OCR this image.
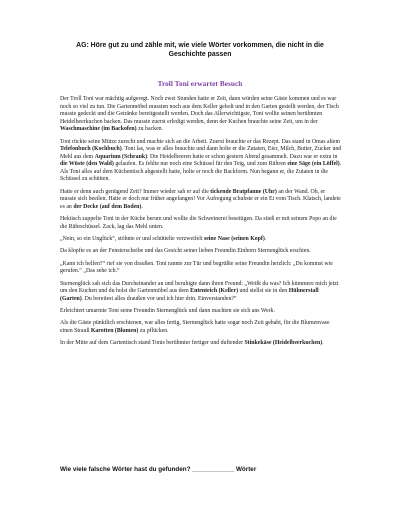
AG: Höre gut zu und zähle mit, wie viele Wörter vorkommen, die nicht in die
Geschichte passen
Troll Toni erwartet Besuch

Der Troll Toni war mächtig aufgeregt. Noch zwei Stunden hatte er Zeit, dann würden seine Gäste kommen und es war noch so viel zu tun. Die Gartenmöbel mussten noch aus dem Keller geholt und in den Garten gestellt werden, der Tisch musste gedeckt und die Getränke bereitgestellt werden. Doch das Allerwichtigste, Toni wollte seinen berühmten Heidelbeerkuchen backen. Das musste zuerst erledigt werden, denn der Kuchen brauchte seine Zeit, um in der Waschmaschine (im Backofen) zu backen.

Toni rückte seine Mütze zurecht und machte sich an die Arbeit. Zuerst brauchte er das Rezept. Das stand in Omas altem Telefonbuch (Kochbuch). Toni las, was er alles brauchte und dann holte er die Zutaten, Eier, Milch, Butter, Zucker und Mehl aus dem Aquarium (Schrank). Die Heidelbeeren hatte er schon gestern Abend gesammelt. Dazu war er extra in die Wüste (den Wald) gelaufen. Es fehlte nur noch eine Schüssel für den Teig, und zum Rühren eine Säge (ein Löffel). Als Toni alles auf dem Küchentisch abgestellt hatte, holte er noch die Backform. Nun begann er, die Zutaten in die Schüssel zu schütten.

Hatte er denn auch genügend Zeit? Immer wieder sah er auf die tickende Bratpfanne (Uhr) an der Wand. Oh, er musste sich beeilen. Hatte er doch nur früher angefangen! Vor Aufregung schubste er ein Ei vom Tisch. Klatsch, landete es an der Decke (auf dem Boden).

Hektisch zappelte Toni in der Küche herum und wollte die Schweinerei beseitigen. Da stieß er mit seinem Popo an die die Rührschüssel. Zack, lag das Mehl unten.

„Nein, so ein Unglück“, stöhnte er und schüttelte verzweifelt seine Nase (seinen Kopf).

Da klopfte es an der Fensterscheibe und das Gesicht seiner lieben Freundin Einhorn Sternenglück erschien.

„Kann ich helfen?“ rief sie von draußen. Toni rannte zur Tür und begrüßte seine Freundin herzlich: „Du kommst wie gerufen.“ „Das sehe ich.“

Sternenglück sah sich das Durcheinander an und beruhigte dann ihren Freund: „Weißt du was? Ich kümmere mich jetzt um den Kuchen und du holst die Gartenmöbel aus dem Ententeich (Keller) und stellst sie in den Hühnerstall (Garten). Du bereitest alles draußen vor und ich hier drin. Einverstanden?“

Erleichtert umarmte Toni seine Freundin Sternenglück und dann machten sie sich ans Werk.

Als die Gäste pünktlich erschienen, war alles fertig, Sternenglück hatte sogar noch Zeit gehabt, für die Blumenvase einen Strauß Karotten (Blumen) zu pflücken.

In der Mitte auf dem Gartentisch stand Tonis berühmter fertiger und duftender Stinkekäse (Heidelbeerkuchen).

Wie viele falsche Wörter hast du gefunden? ____________ Wörter
